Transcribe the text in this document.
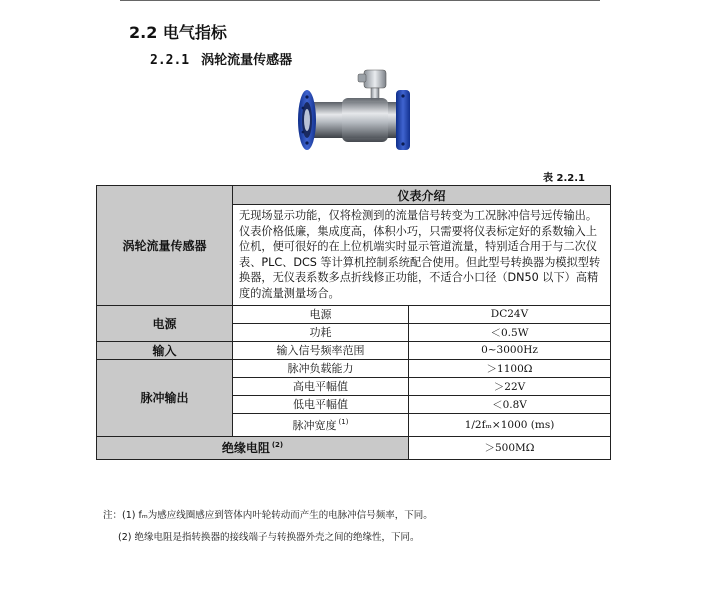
2.2 电气指标
2.2.1 涡轮流量传感器
表 2.2.1
涡轮流量传感器	仪表介绍	
	无现场显示功能，仅将检测到的流量信号转变为工况脉冲信号远传输出。仪表价格低廉，集成度高，体积小巧，只需要将仪表标定好的系数输入上位机，便可很好的在上位机端实时显示管道流量，特别适合用于与二次仪表、PLC、DCS 等计算机控制系统配合使用。但此型号转换器为模拟型转换器，无仪表系数多点折线修正功能，不适合小口径（DN50 以下）高精度的流量测量场合。	
电源	电源	DC24V
	功耗	＜0.5W
输入	输入信号频率范围	0~3000Hz
脉冲输出	脉冲负载能力	＞1100Ω
	高电平幅值	＞22V
	低电平幅值	＜0.8V
	脉冲宽度 $^{(1)}$	1/2fₘ×1000 (ms)
绝缘电阻 $^{(2)}$		＞500MΩ
注：(1) fₘ为感应线圈感应到管体内叶轮转动而产生的电脉冲信号频率，下同。
(2) 绝缘电阻是指转换器的接线端子与转换器外壳之间的绝缘性，下同。
